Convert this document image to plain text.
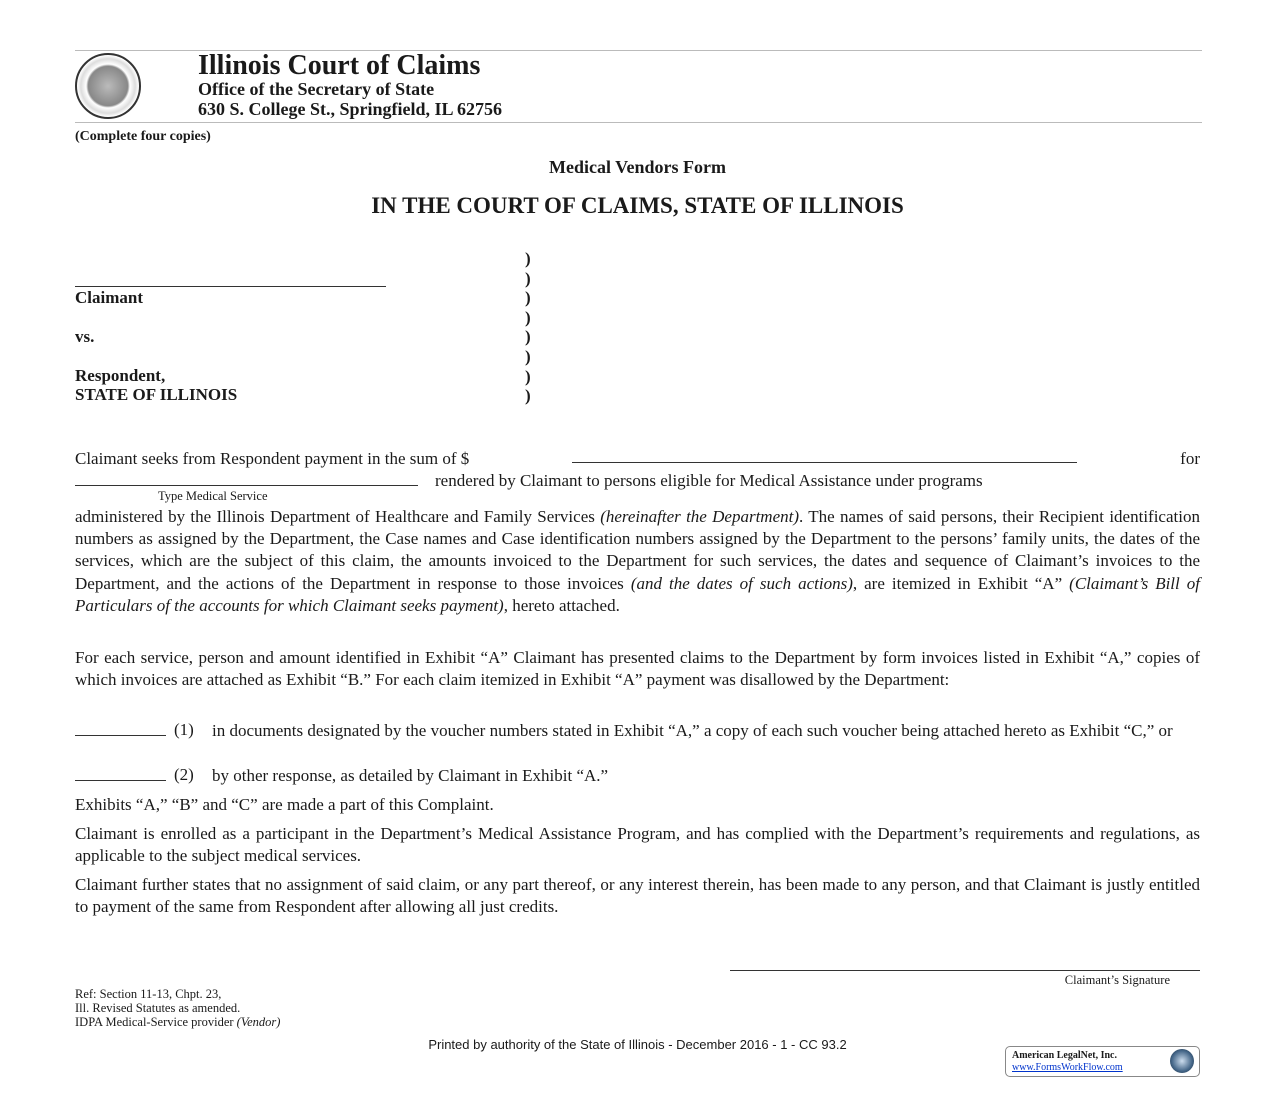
Illinois Court of Claims
Office of the Secretary of State
630 S. College St., Springfield, IL 62756
(Complete four copies)
Medical Vendors Form
IN THE COURT OF CLAIMS, STATE OF ILLINOIS
Claimant
vs.
Respondent,
STATE OF ILLINOIS
)
)
)
)
)
)
)
)
Claimant seeks from Respondent payment in the sum of $	for
rendered by Claimant to persons eligible for Medical Assistance under programs
Type Medical Service
administered by the Illinois Department of Healthcare and Family Services (hereinafter the Department). The names of said persons, their Recipient identification numbers as assigned by the Department, the Case names and Case identification numbers assigned by the Department to the persons’ family units, the dates of the services, which are the subject of this claim, the amounts invoiced to the Department for such services, the dates and sequence of Claimant’s invoices to the Department, and the actions of the Department in response to those invoices (and the dates of such actions), are itemized in Exhibit “A” (Claimant’s Bill of Particulars of the accounts for which Claimant seeks payment), hereto attached.
For each service, person and amount identified in Exhibit “A” Claimant has presented claims to the Department by form invoices listed in Exhibit “A,” copies of which invoices are attached as Exhibit “B.” For each claim itemized in Exhibit “A” payment was disallowed by the Department:
(1) in documents designated by the voucher numbers stated in Exhibit “A,” a copy of each such voucher being attached hereto as Exhibit “C,” or
(2) by other response, as detailed by Claimant in Exhibit “A.”
Exhibits “A,” “B” and “C” are made a part of this Complaint.
Claimant is enrolled as a participant in the Department’s Medical Assistance Program, and has complied with the Department’s requirements and regulations, as applicable to the subject medical services.
Claimant further states that no assignment of said claim, or any part thereof, or any interest therein, has been made to any person, and that Claimant is justly entitled to payment of the same from Respondent after allowing all just credits.
Claimant’s Signature
Ref: Section 11-13, Chpt. 23,
Ill. Revised Statutes as amended.
IDPA Medical-Service provider (Vendor)
Printed by authority of the State of Illinois - December 2016 - 1 - CC 93.2
American LegalNet, Inc.
www.FormsWorkFlow.com
